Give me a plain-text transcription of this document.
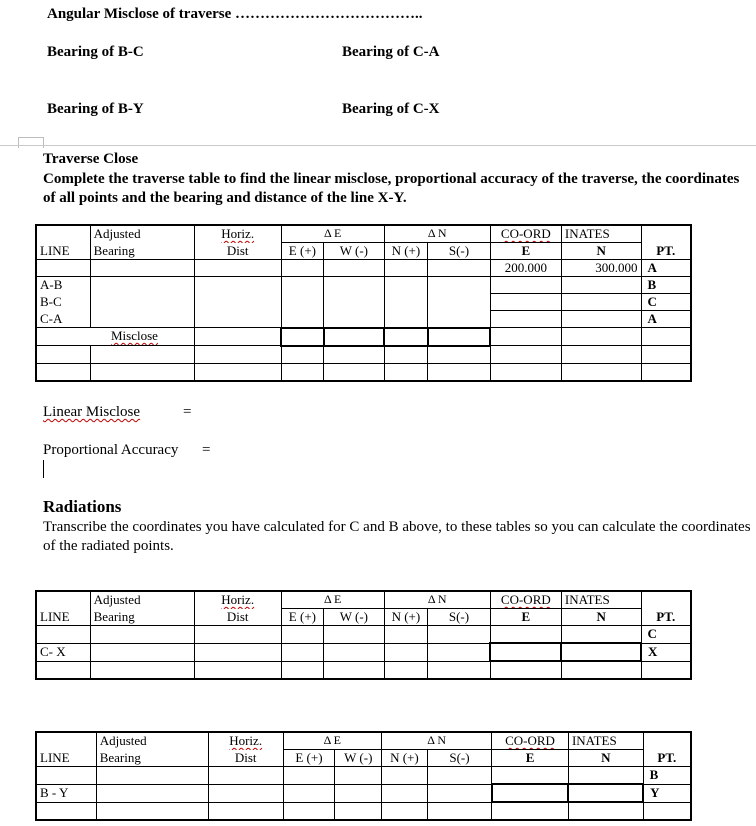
Angular Misclose of traverse ………………………………..
Bearing of B-C	Bearing of C-A
Bearing of B-Y	Bearing of C-X
Traverse Close
Complete the traverse table to find the linear misclose, proportional accuracy of the traverse, the coordinates of all points and the bearing and distance of the line X-Y.
	Adjusted	Horiz.	Δ E		Δ N		CO-ORD	INATES	
LINE	Bearing	Dist	E (+)	W (-)	N (+)	S(-)	E	N	PT.
							200.000	300.000	A
A-B									B
B-C									C
C-A									A
Misclose									

Linear Misclose	=
Proportional Accuracy =
Radiations
Transcribe the coordinates you have calculated for C and B above, to these tables so you can calculate the coordinates of the radiated points.
	Adjusted	Horiz.	Δ E		Δ N		CO-ORD	INATES	
LINE	Bearing	Dist	E (+)	W (-)	N (+)	S(-)	E	N	PT.
									C
C- X									X

	Adjusted	Horiz.	Δ E		Δ N		CO-ORD	INATES	
LINE	Bearing	Dist	E (+)	W (-)	N (+)	S(-)	E	N	PT.
									B
B - Y									Y
